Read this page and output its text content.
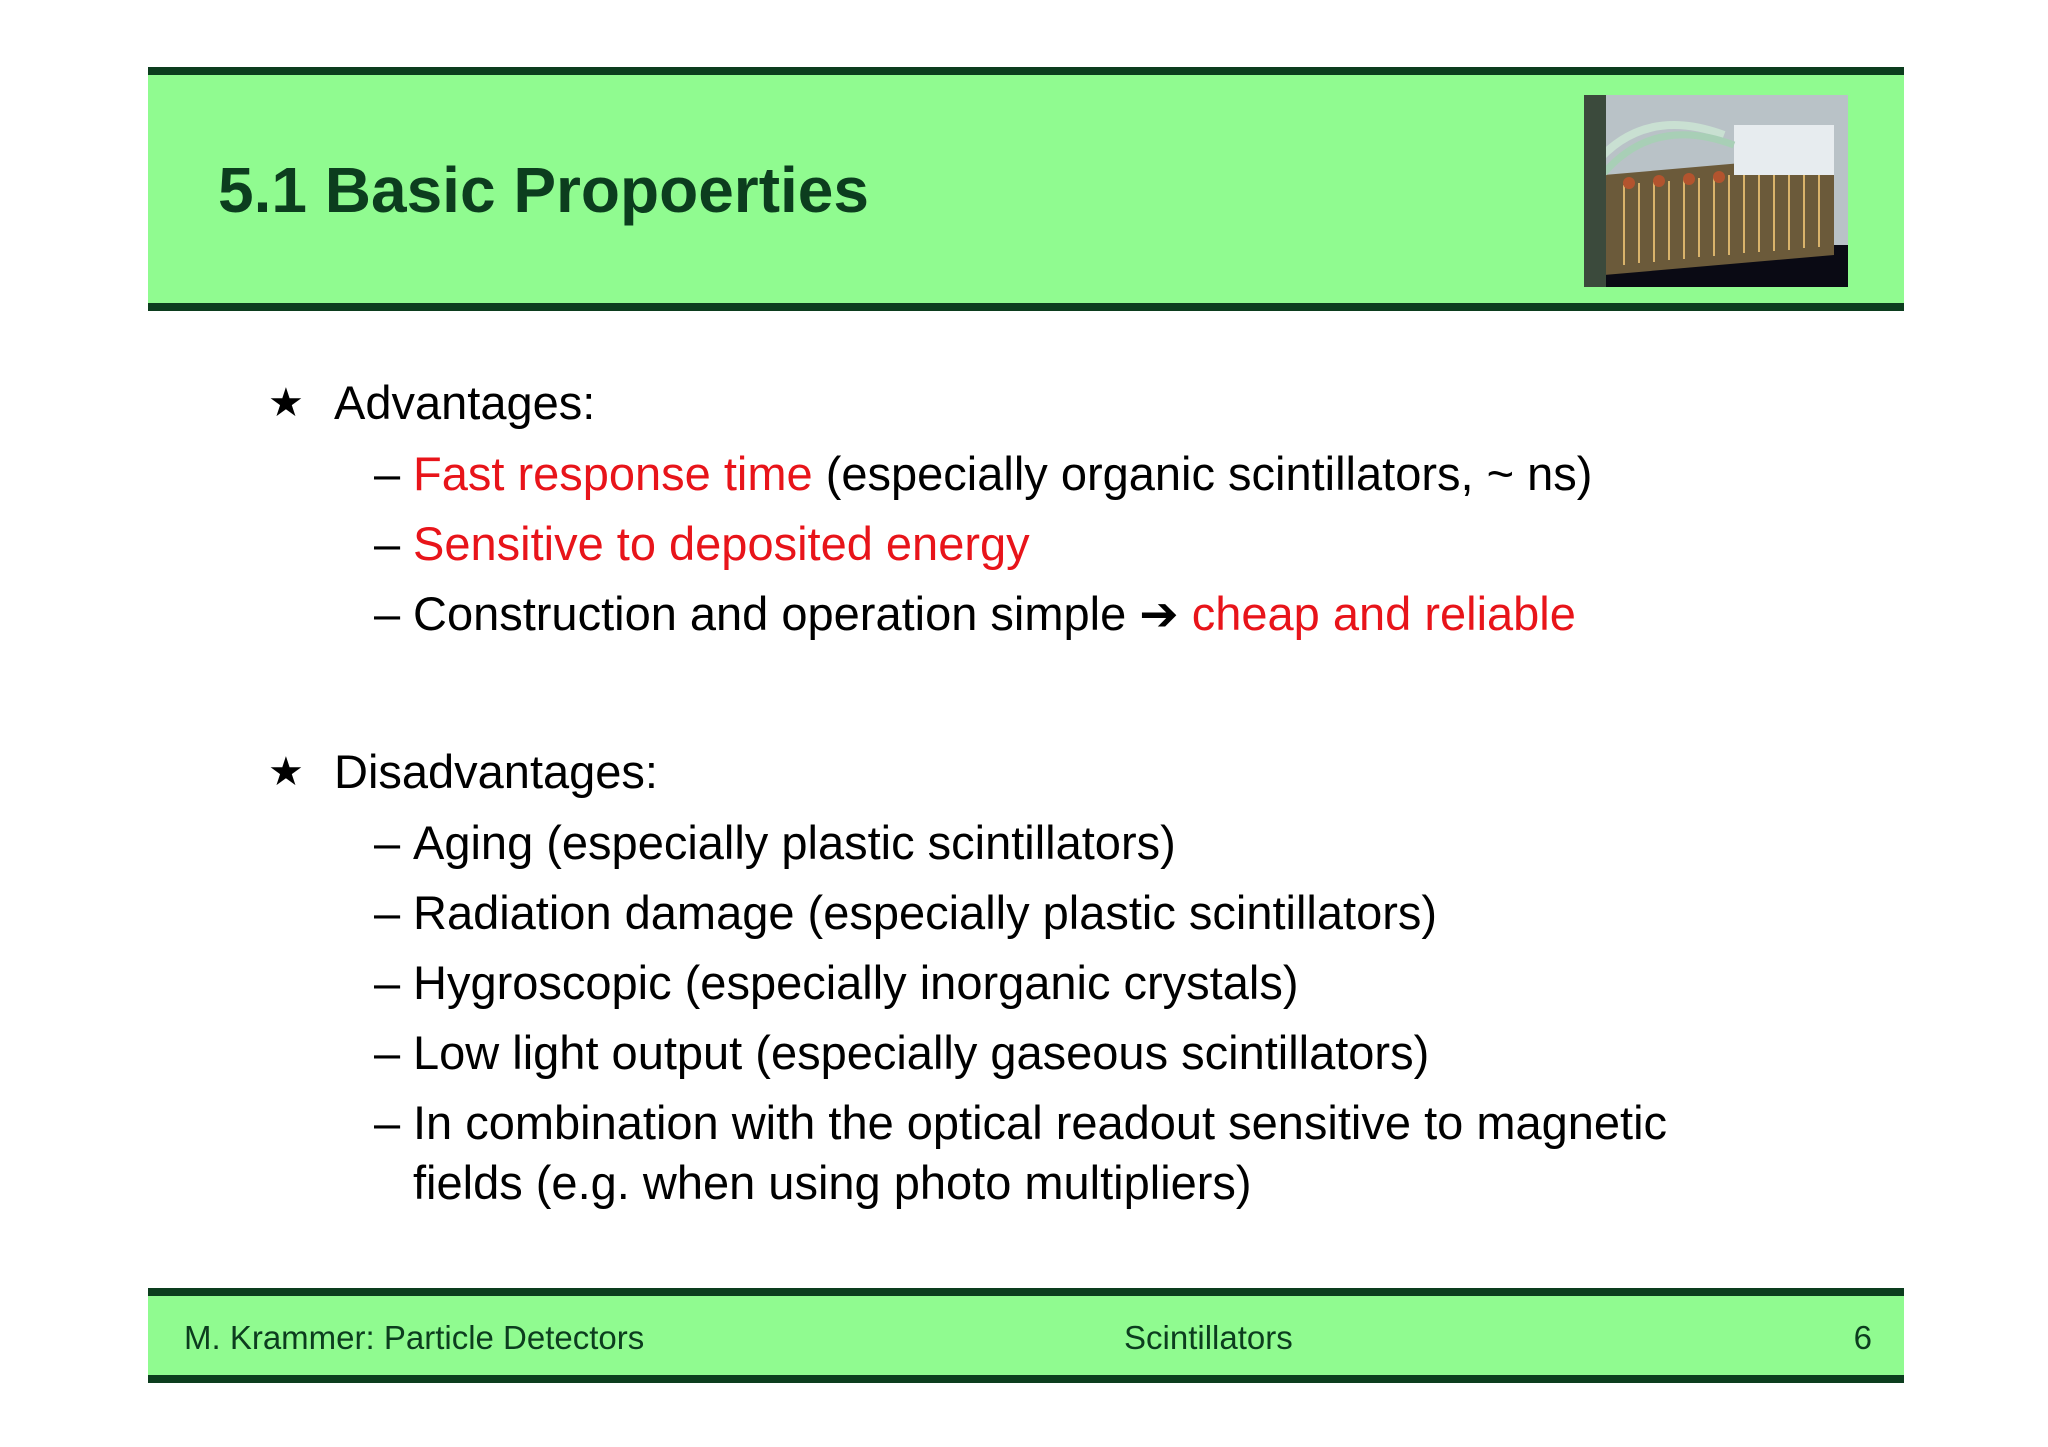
5.1 Basic Propoerties
★ Advantages:
– Fast response time (especially organic scintillators, ~ ns)
– Sensitive to deposited energy
– Construction and operation simple ➔ cheap and reliable
★ Disadvantages:
– Aging (especially plastic scintillators)
– Radiation damage (especially plastic scintillators)
– Hygroscopic (especially inorganic crystals)
– Low light output (especially gaseous scintillators)
– In combination with the optical readout sensitive to magnetic
fields (e.g. when using photo multipliers)
M. Krammer: Particle Detectors	Scintillators	6
